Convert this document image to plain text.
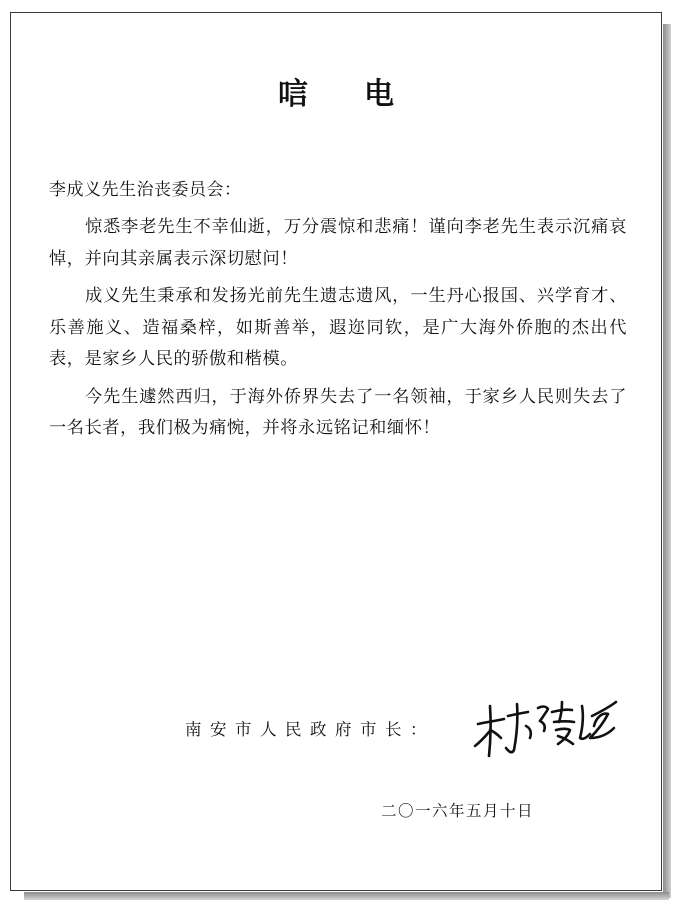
唁电
李成义先生治丧委员会：

惊悉李老先生不幸仙逝，万分震惊和悲痛！谨向李老先生表示沉痛哀悼，并向其亲属表示深切慰问！

成义先生秉承和发扬光前先生遗志遗风，一生丹心报国、兴学育才、乐善施义、造福桑梓，如斯善举，遐迩同钦，是广大海外侨胞的杰出代表，是家乡人民的骄傲和楷模。

今先生遽然西归，于海外侨界失去了一名领袖，于家乡人民则失去了一名长者，我们极为痛惋，并将永远铭记和缅怀！

南安市人民政府市长：
二〇一六年五月十日
